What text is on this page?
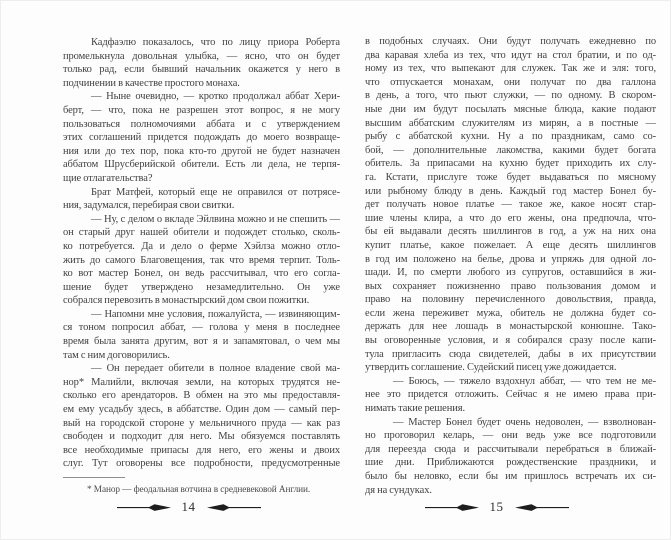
Кадфаэлю показалось, что по лицу приора Роберта
промелькнула довольная улыбка, — ясно, что он будет
только рад, если бывший начальник окажется у него в
подчинении в качестве простого монаха.
— Ныне очевидно, — кротко продолжал аббат Хери-
берт, — что, пока не разрешен этот вопрос, я не могу
пользоваться полномочиями аббата и с утверждением
этих соглашений придется подождать до моего возвраще-
ния или до тех пор, пока кто-то другой не будет назначен
аббатом Шрусберийской обители. Есть ли дела, не терпя-
щие отлагательства?
Брат Матфей, который еще не оправился от потрясе-
ния, задумался, перебирая свои свитки.
— Ну, с делом о вкладе Эйлвина можно и не спешить —
он старый друг нашей обители и подождет столько, сколь-
ко потребуется. Да и дело о ферме Хэйлза можно отло-
жить до самого Благовещения, так что время терпит. Толь-
ко вот мастер Бонел, он ведь рассчитывал, что его согла-
шение будет утверждено незамедлительно. Он уже
собрался перевозить в монастырский дом свои пожитки.
— Напомни мне условия, пожалуйста, — извиняющим-
ся тоном попросил аббат, — голова у меня в последнее
время была занята другим, вот я и запамятовал, о чем мы
там с ним договорились.
— Он передает обители в полное владение свой ма-
нор* Малийли, включая земли, на которых трудятся не-
сколько его арендаторов. В обмен на это мы предоставля-
ем ему усадьбу здесь, в аббатстве. Один дом — самый пер-
вый на городской стороне у мельничного пруда — как раз
свободен и подходит для него. Мы обязуемся поставлять
все необходимые припасы для него, его жены и двоих
слуг. Тут оговорены все подробности, предусмотренные
* Манор — феодальная вотчина в средневековой Англии.
14
в подобных случаях. Они будут получать ежедневно по
два каравая хлеба из тех, что идут на стол братии, и по од-
ному из тех, что выпекают для служек. Так же и эля: того,
что отпускается монахам, они получат по два галлона
в день, а того, что пьют служки, — по одному. В скором-
ные дни им будут посылать мясные блюда, какие подают
высшим аббатским служителям из мирян, а в постные —
рыбу с аббатской кухни. Ну а по праздникам, само со-
бой, — дополнительные лакомства, какими будет богата
обитель. За припасами на кухню будет приходить их слу-
га. Кстати, прислуге тоже будет выдаваться по мясному
или рыбному блюду в день. Каждый год мастер Бонел бу-
дет получать новое платье — такое же, какое носят стар-
шие члены клира, а что до его жены, она предпочла, что-
бы ей выдавали десять шиллингов в год, а уж на них она
купит платье, какое пожелает. А еще десять шиллингов
в год им положено на белье, дрова и упряжь для одной ло-
шади. И, по смерти любого из супругов, оставшийся в жи-
вых сохраняет пожизненно право пользования домом и
право на половину перечисленного довольствия, правда,
если жена переживет мужа, обитель не должна будет со-
держать для нее лошадь в монастырской конюшне. Тако-
вы оговоренные условия, и я собирался сразу после капи-
тула пригласить сюда свидетелей, дабы в их присутствии
утвердить соглашение. Судейский писец уже дожидается.
— Боюсь, — тяжело вздохнул аббат, — что тем не ме-
нее это придется отложить. Сейчас я не имею права при-
нимать такие решения.
— Мастер Бонел будет очень недоволен, — взволнован-
но проговорил келарь, — они ведь уже все подготовили
для переезда сюда и рассчитывали перебраться в ближай-
шие дни. Приближаются рождественские праздники, и
было бы неловко, если бы им пришлось встречать их си-
дя на сундуках.
15
